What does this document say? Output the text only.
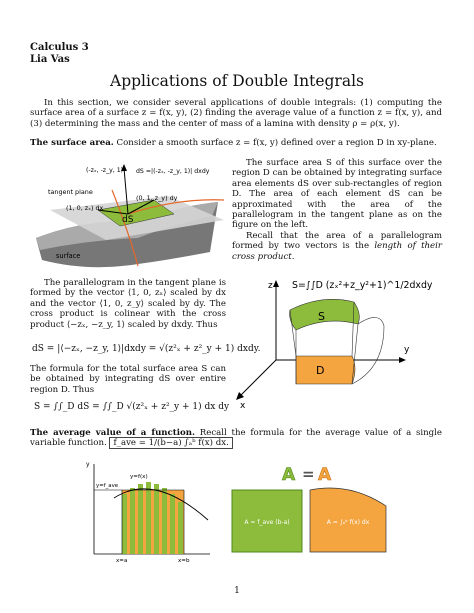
Calculus 3
Lia Vas
Applications of Double Integrals
In this section, we consider several applications of double integrals: (1) computing the surface area of a surface z = f(x, y), (2) finding the average value of a function z = f(x, y), and (3) determining the mass and the center of mass of a lamina with density ρ = ρ(x, y).
The surface area. Consider a smooth surface z = f(x, y) defined over a region D in xy-plane.
(-zₓ, -z_y, 1) dS =|(-zₓ, -z_y, 1)| dxdy
tangent plane
(0, 1, z_y) dy
(1, 0, zₓ) dx
dS
surface

The surface area S of this surface over the region D can be obtained by integrating surface area elements dS over sub-rectangles of region D. The area of each element dS can be approximated with the area of the parallelogram in the tangent plane as on the figure on the left.

Recall that the area of a parallelogram formed by two vectors is the length of their cross product.

The parallelogram in the tangent plane is formed by the vector ⟨1, 0, zₓ⟩ scaled by dx and the vector ⟨1, 0, z_y⟩ scaled by dy. The cross product is colinear with the cross product ⟨−zₓ, −z_y, 1⟩ scaled by dxdy. Thus

dS = |⟨−zₓ, −z_y, 1⟩|dxdy = √(z²ₓ + z²_y + 1) dxdy.
The formula for the total surface area S can be obtained by integrating dS over entire region D. Thus
S = ∫∫_D dS = ∫∫_D √(z²ₓ + z²_y + 1) dx dy
z
y
x
S
D
S=∫∫D (zₓ²+z_y²+1)^1/2dxdy
The average value of a function. Recall the formula for the average value of a single variable function. f_ave = 1/(b−a) ∫ₐᵇ f(x) dx.
y
y=f(x)
y=f_ave
x=a	x=b
A = A
A = f_ave (b-a)	A = ∫ₐᵇ f(x) dx
1
